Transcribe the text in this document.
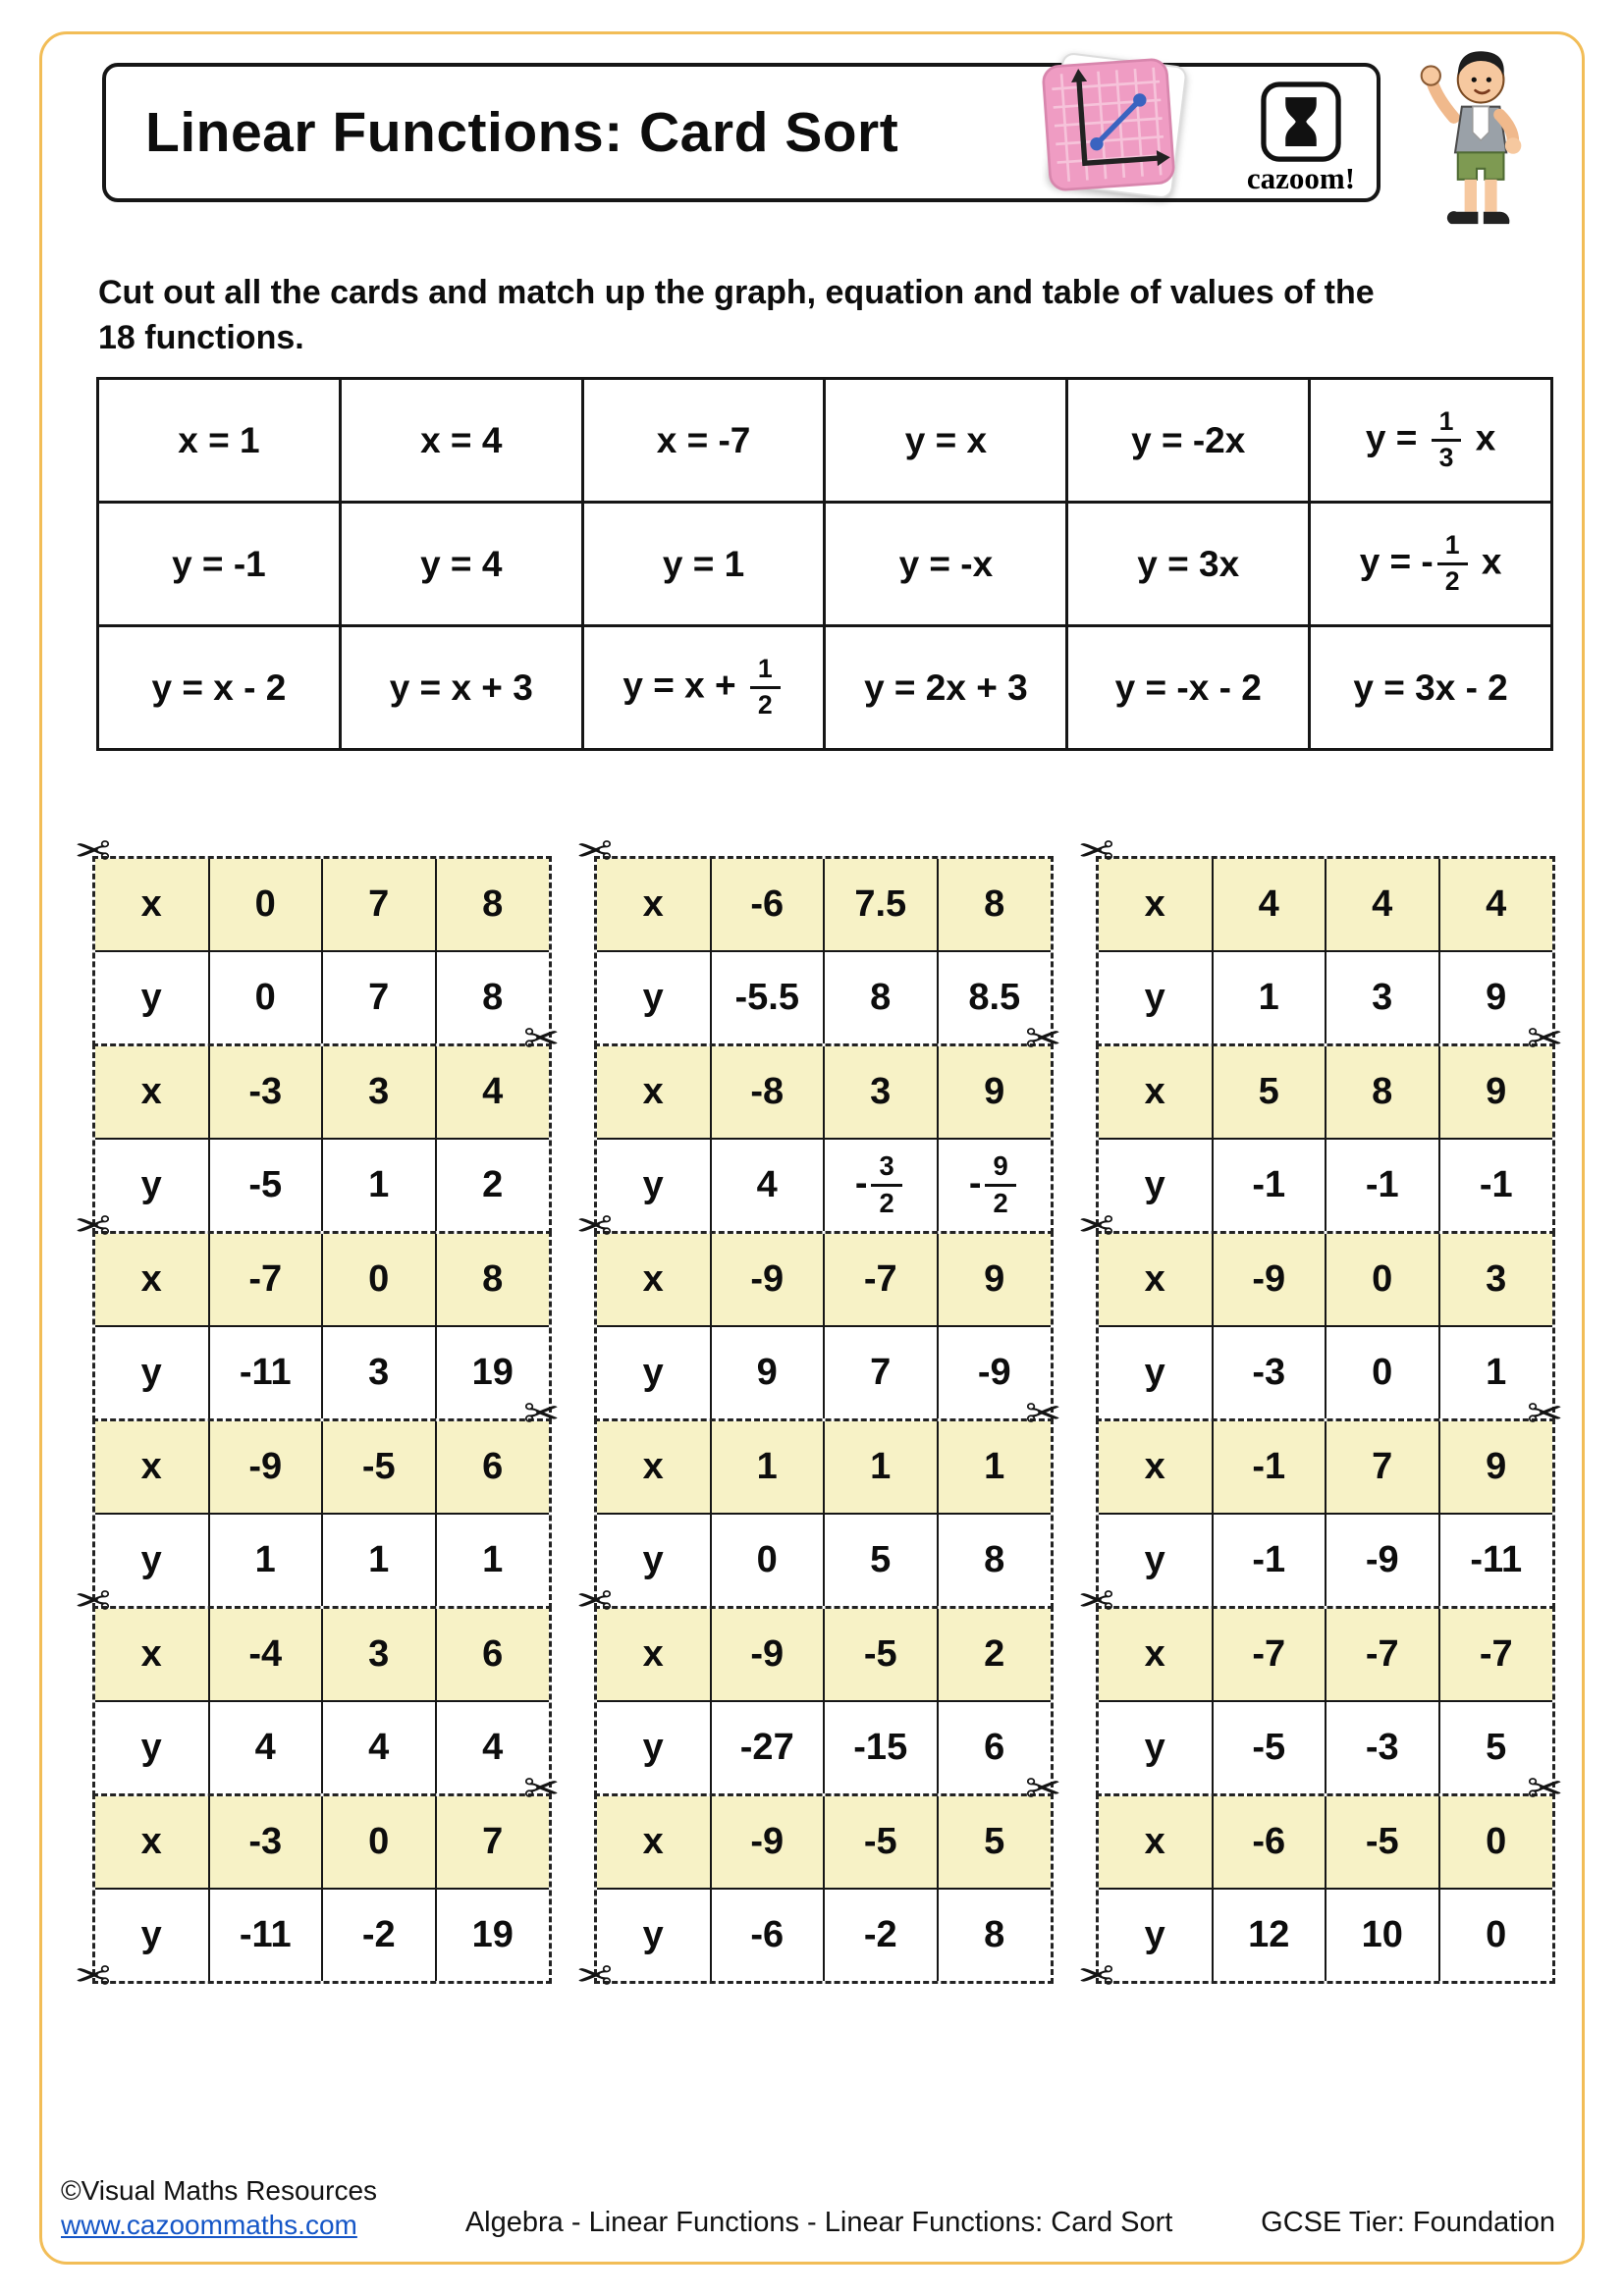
Linear Functions: Card Sort
cazoom!
Cut out all the cards and match up the graph, equation and table of values of the
18 functions.
x = 1	x = 4	x = -7	y = x	y = -2x	$y = \frac{1}{3}$ x
y = -1	y = 4	y = 1	y = -x	y = 3x	y = - $\frac{1}{2}$ x
y = x - 2	y = x + 3	$y = x + \frac{1}{2}$	y = 2x + 3	y = -x - 2	y = 3x - 2
x	0	7	8
y	0	7	8
x	-3	3	4
y	-5	1	2
x	-7	0	8
y	-11	3	19
x	-9	-5	6
y	1	1	1
x	-4	3	6
y	4	4	4
x	-3	0	7
y	-11	-2	19
✂
✂
✂
✂
✂
✂
✂
x	-6	7.5	8
y	-5.5	8	8.5
x	-8	3	9
y	4	- $\frac{3}{2}$	- $\frac{9}{2}$
x	-9	-7	9
y	9	7	-9
x	1	1	1
y	0	5	8
x	-9	-5	2
y	-27	-15	6
x	-9	-5	5
y	-6	-2	8
✂
✂
✂
✂
✂
✂
✂
x	4	4	4
y	1	3	9
x	5	8	9
y	-1	-1	-1
x	-9	0	3
y	-3	0	1
x	-1	7	9
y	-1	-9	-11
x	-7	-7	-7
y	-5	-3	5
x	-6	-5	0
y	12	10	0
✂
✂
✂
✂
✂
✂
✂
©Visual Maths Resources
www.cazoommaths.com	Algebra - Linear Functions - Linear Functions: Card Sort	GCSE Tier: Foundation
